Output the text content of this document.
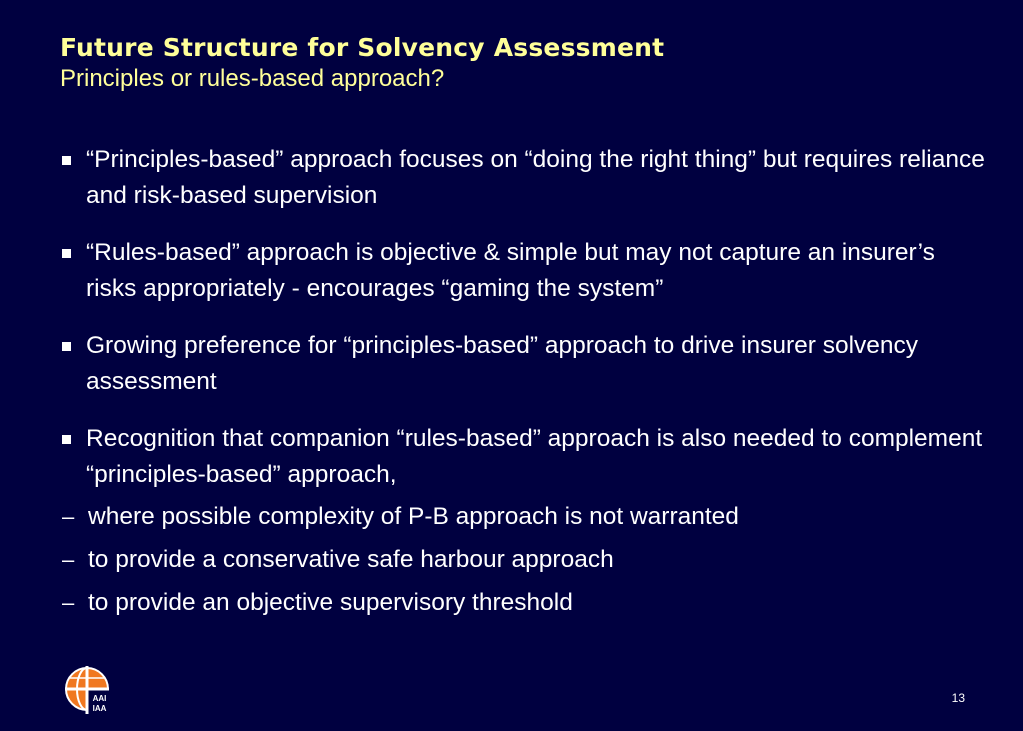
Future Structure for Solvency Assessment
Principles or rules-based approach?
“Principles-based” approach focuses on “doing the right thing” but requires reliance and risk-based supervision
“Rules-based” approach is objective & simple but may not capture an insurer’s risks appropriately - encourages “gaming the system”
Growing preference for “principles-based” approach to drive insurer solvency assessment
Recognition that companion “rules-based” approach is also needed to complement “principles-based” approach,
– where possible complexity of P-B approach is not warranted
– to provide a conservative safe harbour approach
– to provide an objective supervisory threshold
AAI
IAA
13
